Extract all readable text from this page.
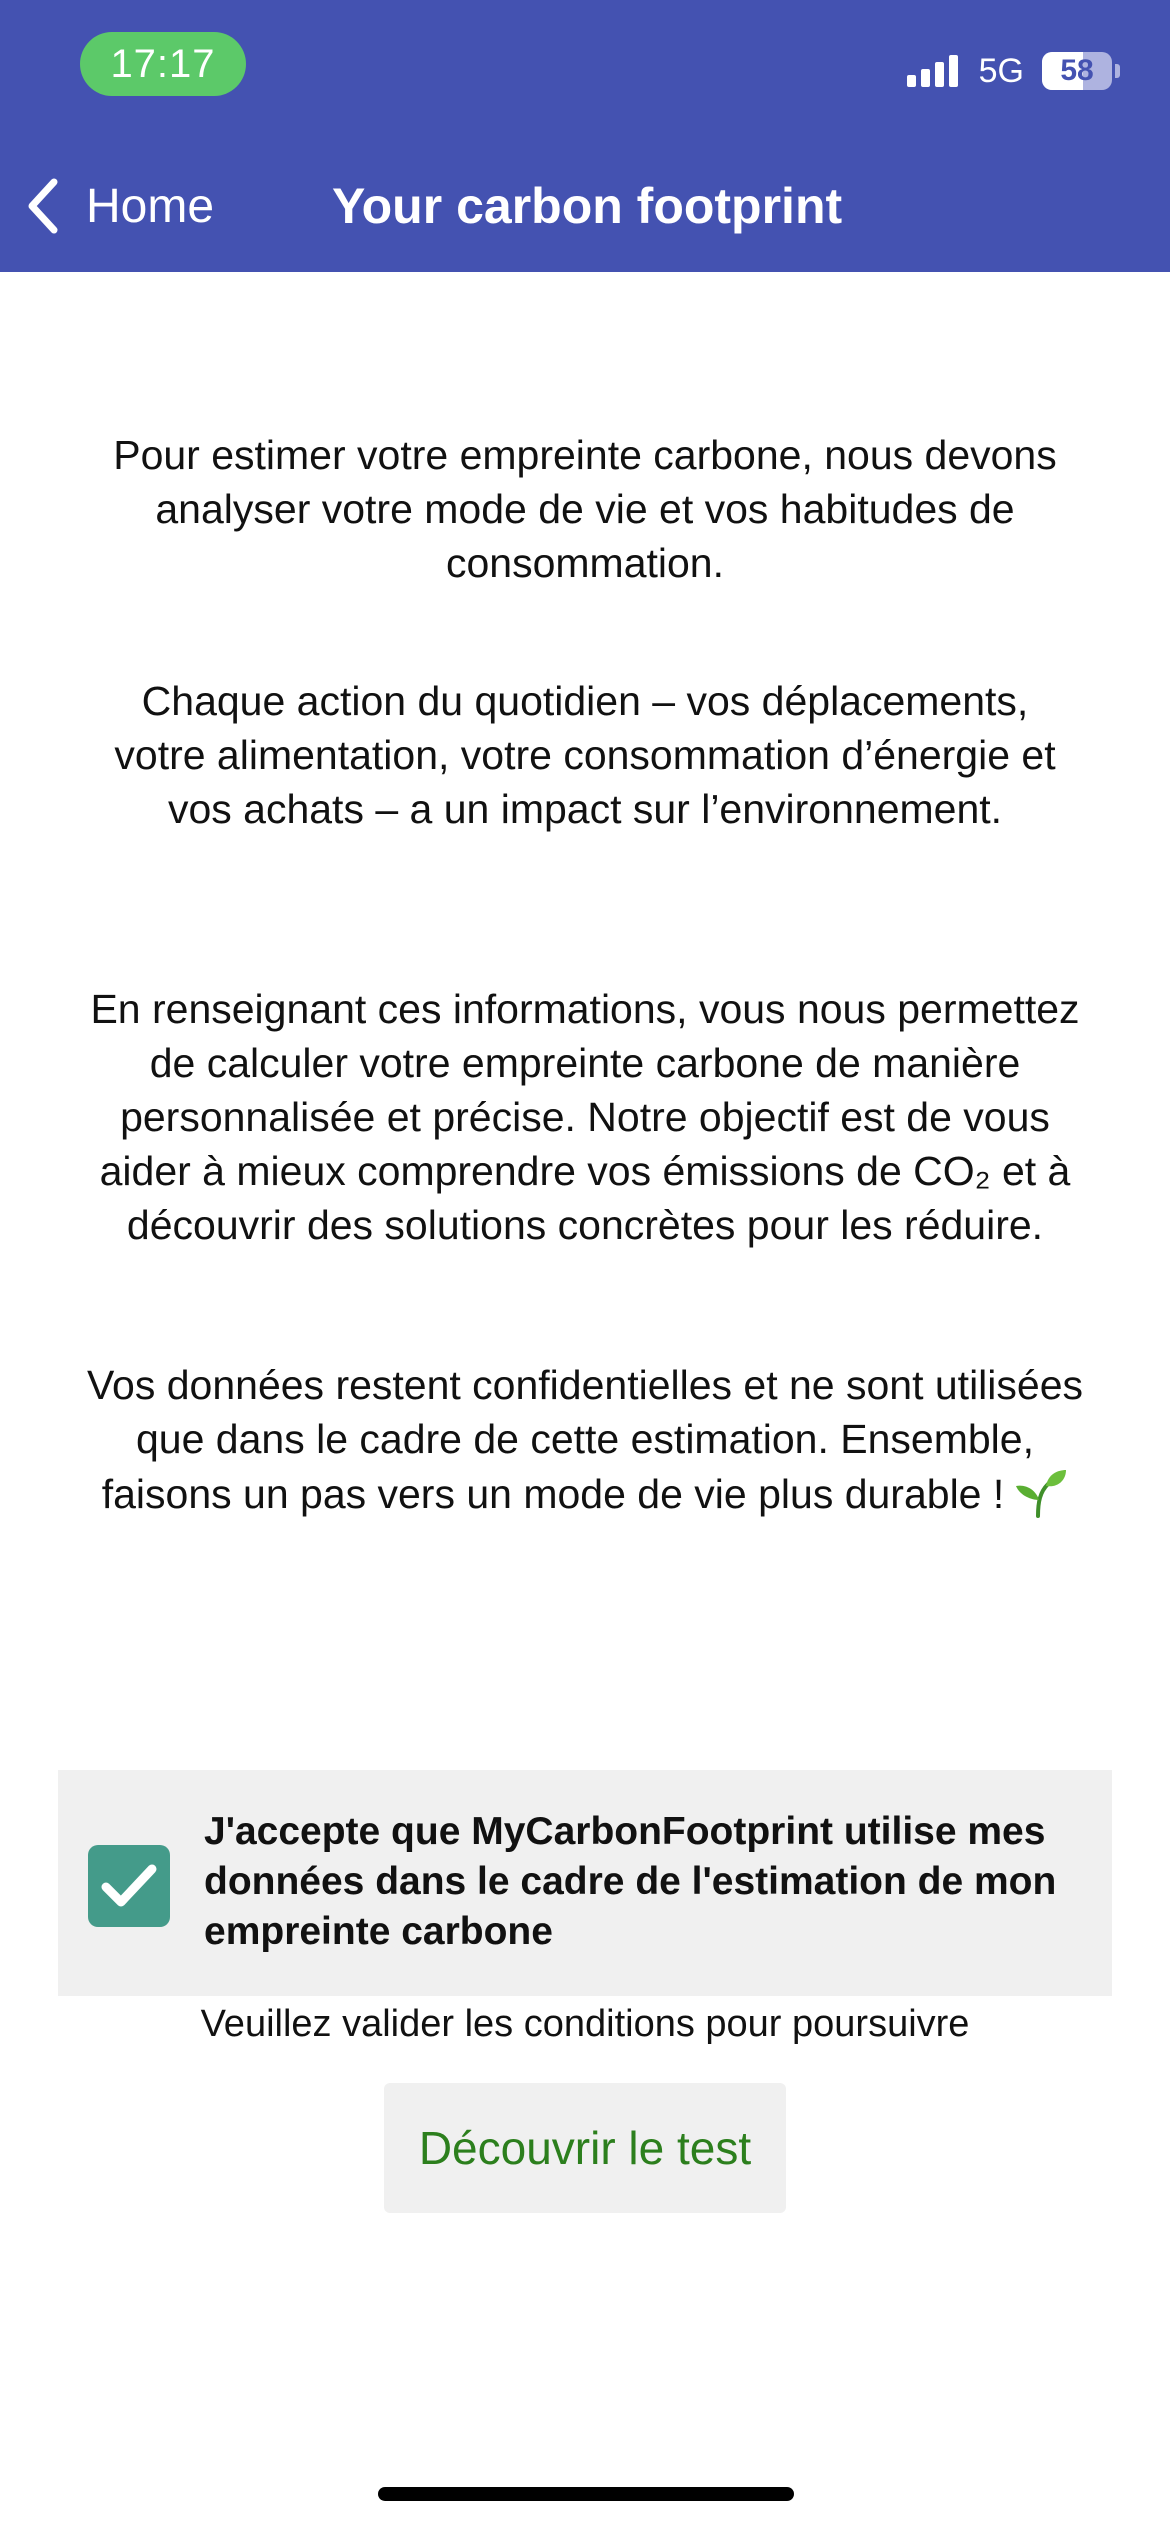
17:17	5G	58
Home Your carbon footprint

Pour estimer votre empreinte carbone, nous devons analyser votre mode de vie et vos habitudes de consommation.

Chaque action du quotidien – vos déplacements, votre alimentation, votre consommation d’énergie et vos achats – a un impact sur l’environnement.

En renseignant ces informations, vous nous permettez de calculer votre empreinte carbone de manière personnalisée et précise. Notre objectif est de vous aider à mieux comprendre vos émissions de CO₂ et à découvrir des solutions concrètes pour les réduire.

Vos données restent confidentielles et ne sont utilisées que dans le cadre de cette estimation. Ensemble, faisons un pas vers un mode de vie plus durable !

J'accepte que MyCarbonFootprint utilise mes données dans le cadre de l'estimation de mon empreinte carbone
Veuillez valider les conditions pour poursuivre
Découvrir le test
